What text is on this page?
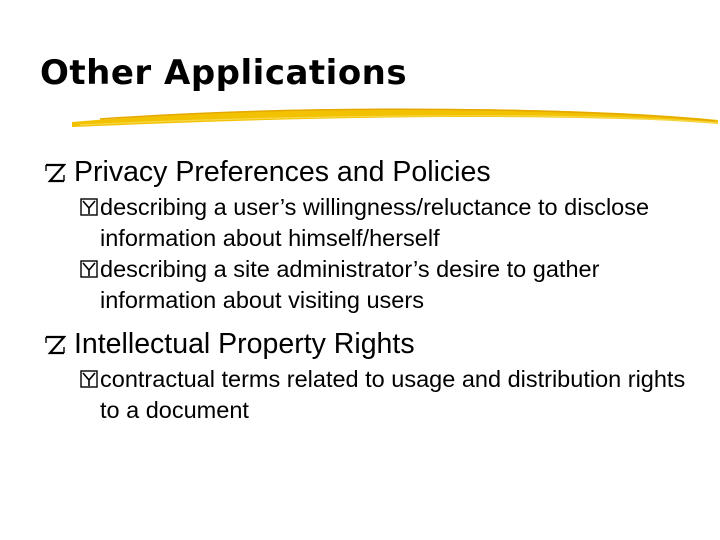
Other Applications
Privacy Preferences and Policies
describing a user’s willingness/reluctance to disclose information about himself/herself
describing a site administrator’s desire to gather information about visiting users
Intellectual Property Rights
contractual terms related to usage and distribution rights to a document
